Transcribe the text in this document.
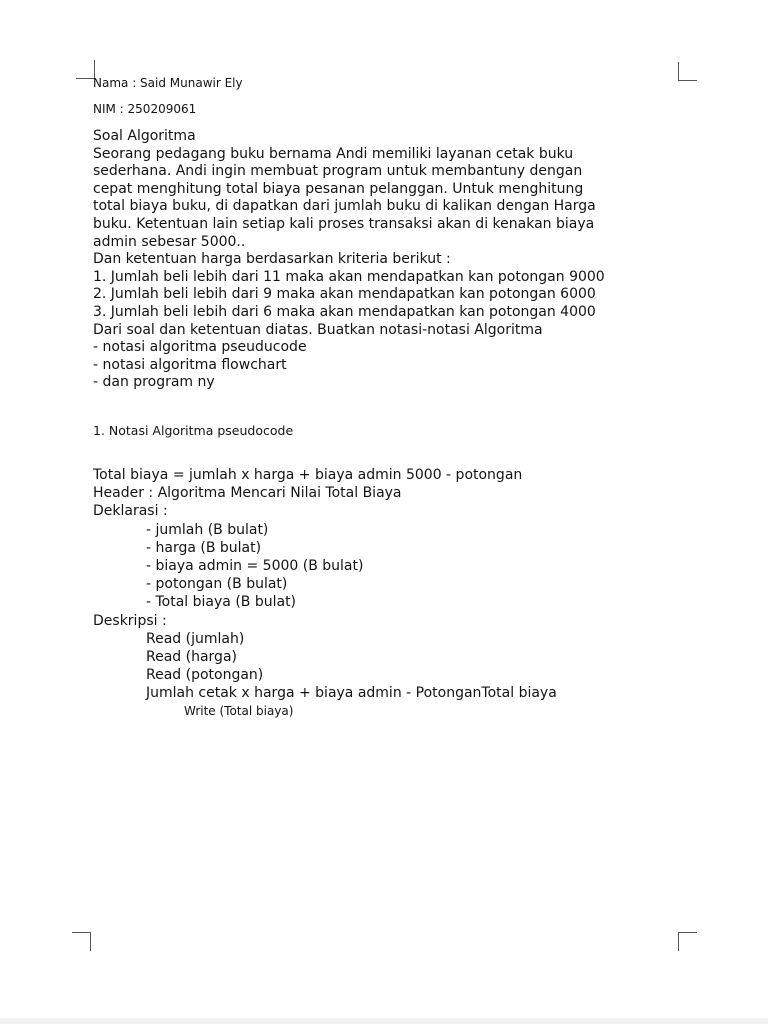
Nama : Said Munawir Ely

NIM : 250209061

Soal Algoritma
Seorang pedagang buku bernama Andi memiliki layanan cetak buku
sederhana. Andi ingin membuat program untuk membantuny dengan
cepat menghitung total biaya pesanan pelanggan. Untuk menghitung
total biaya buku, di dapatkan dari jumlah buku di kalikan dengan Harga
buku. Ketentuan lain setiap kali proses transaksi akan di kenakan biaya
admin sebesar 5000..
Dan ketentuan harga berdasarkan kriteria berikut :
1. Jumlah beli lebih dari 11 maka akan mendapatkan kan potongan 9000
2. Jumlah beli lebih dari 9 maka akan mendapatkan kan potongan 6000
3. Jumlah beli lebih dari 6 maka akan mendapatkan kan potongan 4000
Dari soal dan ketentuan diatas. Buatkan notasi-notasi Algoritma
- notasi algoritma pseuducode
- notasi algoritma flowchart
- dan program ny

1. Notasi Algoritma pseudocode

Total biaya = jumlah x harga + biaya admin 5000 - potongan
Header : Algoritma Mencari Nilai Total Biaya
Deklarasi :
- jumlah (B bulat)
- harga (B bulat)
- biaya admin = 5000 (B bulat)
- potongan (B bulat)
- Total biaya (B bulat)
Deskripsi :
Read (jumlah)
Read (harga)
Read (potongan)
Jumlah cetak x harga + biaya admin - PotonganTotal biaya
Write (Total biaya)
